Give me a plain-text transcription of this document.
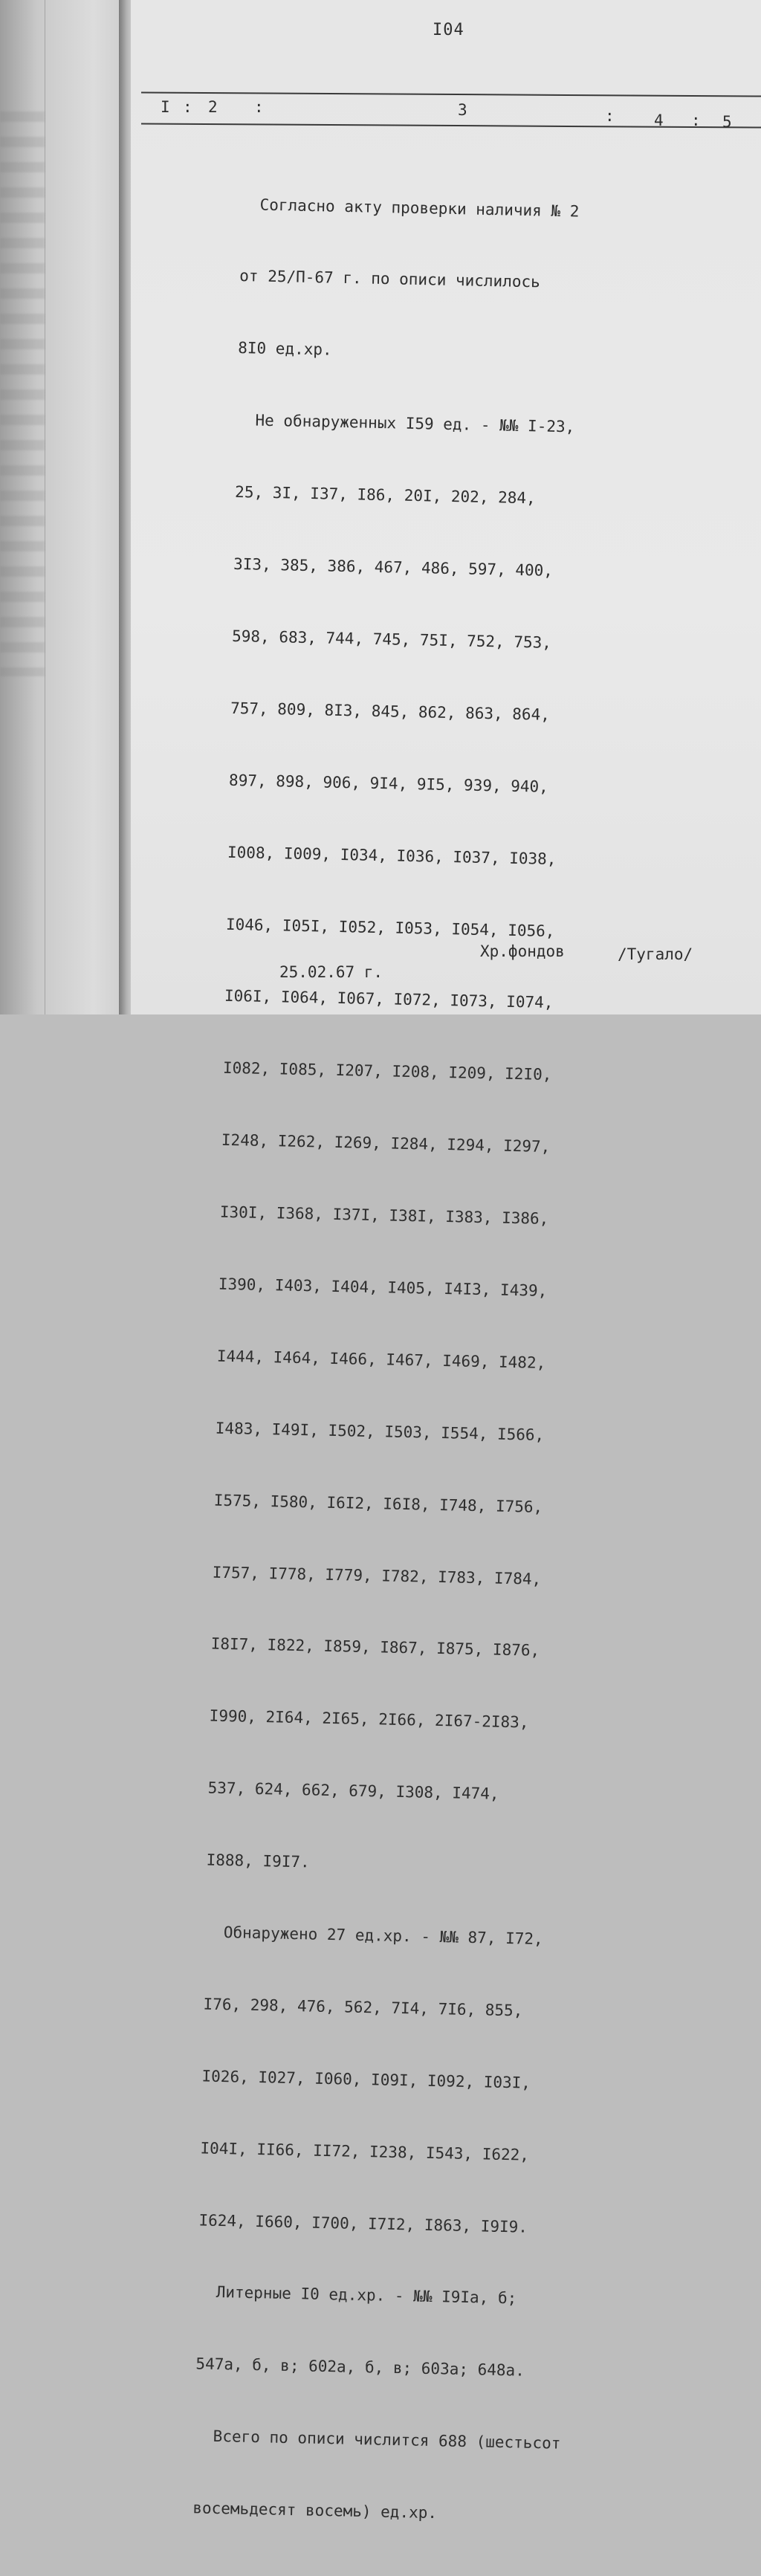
I04
I : 2 :	3	:	4 : 5

Согласно акту проверки наличия № 2

от 25/П-67 г. по описи числилось

8I0 ед.хр.

Не обнаруженных I59 ед. - №№ I-23,

25, 3I, I37, I86, 20I, 202, 284,

3I3, 385, 386, 467, 486, 597, 400,

598, 683, 744, 745, 75I, 752, 753,

757, 809, 8I3, 845, 862, 863, 864,

897, 898, 906, 9I4, 9I5, 939, 940,

I008, I009, I034, I036, I037, I038,

I046, I05I, I052, I053, I054, I056,

I06I, I064, I067, I072, I073, I074,

I082, I085, I207, I208, I209, I2I0,

I248, I262, I269, I284, I294, I297,

I30I, I368, I37I, I38I, I383, I386,

I390, I403, I404, I405, I4I3, I439,

I444, I464, I466, I467, I469, I482,

I483, I49I, I502, I503, I554, I566,

I575, I580, I6I2, I6I8, I748, I756,

I757, I778, I779, I782, I783, I784,

I8I7, I822, I859, I867, I875, I876,

I990, 2I64, 2I65, 2I66, 2I67-2I83,

537, 624, 662, 679, I308, I474,

I888, I9I7.

Обнаружено 27 ед.хр. - №№ 87, I72,

I76, 298, 476, 562, 7I4, 7I6, 855,

I026, I027, I060, I09I, I092, I03I,

I04I, II66, II72, I238, I543, I622,

I624, I660, I700, I7I2, I863, I9I9.

Литерные I0 ед.хр. - №№ I9Iа, б;

547а, б, в; 602а, б, в; 603а; 648а.

Всего по описи числится 688 (шестьсот

восемьдесят восемь) ед.хр.

Хр.фондов	/Тугало/
25.02.67 г.
